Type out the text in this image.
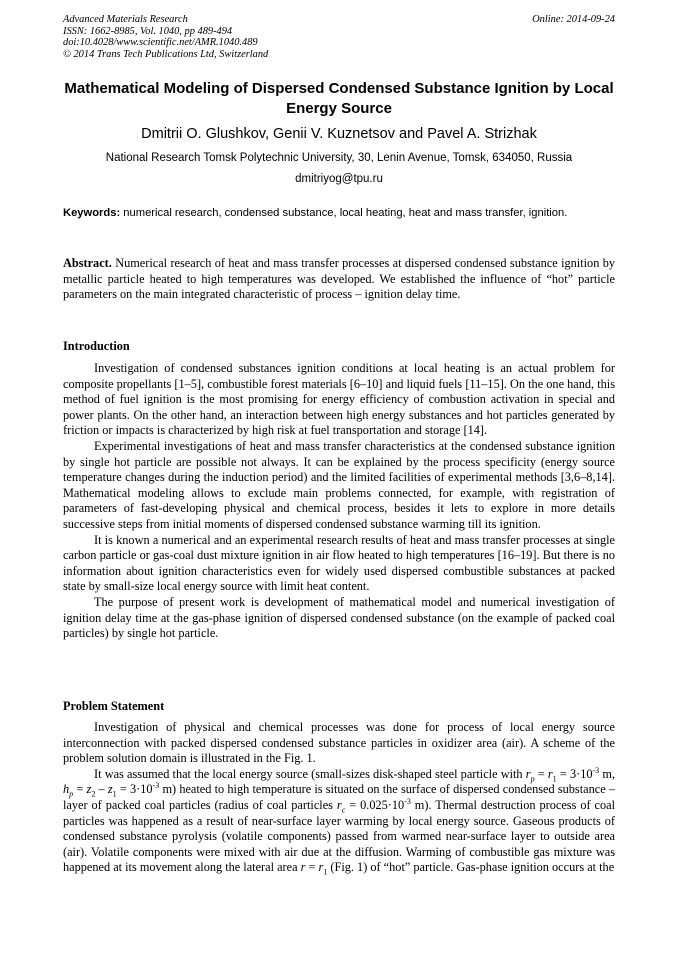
Advanced Materials Research
ISSN: 1662-8985, Vol. 1040, pp 489-494
doi:10.4028/www.scientific.net/AMR.1040.489
© 2014 Trans Tech Publications Ltd, Switzerland
Online: 2014-09-24
Mathematical Modeling of Dispersed Condensed Substance Ignition by Local Energy Source
Dmitrii O. Glushkov, Genii V. Kuznetsov and Pavel A. Strizhak
National Research Tomsk Polytechnic University, 30, Lenin Avenue, Tomsk, 634050, Russia
dmitriyog@tpu.ru
Keywords: numerical research, condensed substance, local heating, heat and mass transfer, ignition.
Abstract. Numerical research of heat and mass transfer processes at dispersed condensed substance ignition by metallic particle heated to high temperatures was developed. We established the influence of “hot” particle parameters on the main integrated characteristic of process – ignition delay time.
Introduction

Investigation of condensed substances ignition conditions at local heating is an actual problem for composite propellants [1–5], combustible forest materials [6–10] and liquid fuels [11–15]. On the one hand, this method of fuel ignition is the most promising for energy efficiency of combustion activation in special and power plants. On the other hand, an interaction between high energy substances and hot particles generated by friction or impacts is characterized by high risk at fuel transportation and storage [14].

Experimental investigations of heat and mass transfer characteristics at the condensed substance ignition by single hot particle are possible not always. It can be explained by the process specificity (energy source temperature changes during the induction period) and the limited facilities of experimental methods [3,6–8,14]. Mathematical modeling allows to exclude main problems connected, for example, with registration of parameters of fast-developing physical and chemical process, besides it lets to explore in more details successive steps from initial moments of dispersed condensed substance warming till its ignition.

It is known a numerical and an experimental research results of heat and mass transfer processes at single carbon particle or gas-coal dust mixture ignition in air flow heated to high temperatures [16–19]. But there is no information about ignition characteristics even for widely used dispersed combustible substances at packed state by small-size local energy source with limit heat content.

The purpose of present work is development of mathematical model and numerical investigation of ignition delay time at the gas-phase ignition of dispersed condensed substance (on the example of packed coal particles) by single hot particle.

Problem Statement

Investigation of physical and chemical processes was done for process of local energy source interconnection with packed dispersed condensed substance particles in oxidizer area (air). A scheme of the problem solution domain is illustrated in the Fig. 1.

It was assumed that the local energy source (small-sizes disk-shaped steel particle with $r_p = r_1 = 3\cdot 10^{-3}$ m, $h_p = z_2 - z_1 = 3\cdot 10^{-3}$ m) heated to high temperature is situated on the surface of dispersed condensed substance – layer of packed coal particles (radius of coal particles $r_c = 0.025\cdot 10^{-3}$ m). Thermal destruction process of coal particles was happened as a result of near-surface layer warming by local energy source. Gaseous products of condensed substance pyrolysis (volatile components) passed from warmed near-surface layer to outside area (air). Volatile components were mixed with air due at the diffusion. Warming of combustible gas mixture was happened at its movement along the lateral area $r = r_1$ (Fig. 1) of “hot” particle. Gas-phase ignition occurs at the
